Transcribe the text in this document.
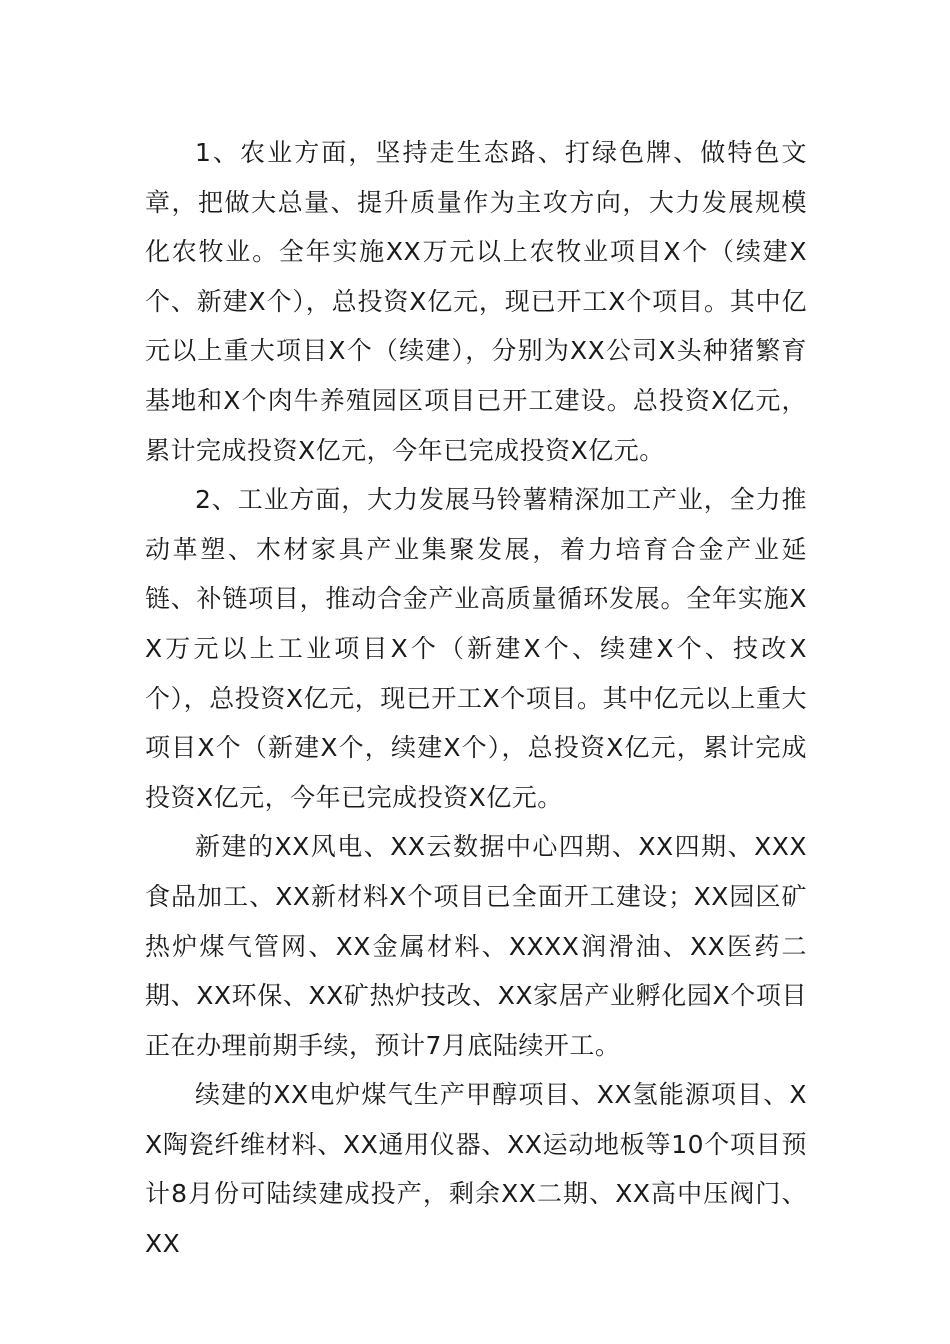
1、农业方面，坚持走生态路、打绿色牌、做特色文章，把做大总量、提升质量作为主攻方向，大力发展规模化农牧业。全年实施XX万元以上农牧业项目X个（续建X个、新建X个），总投资X亿元，现已开工X个项目。其中亿元以上重大项目X个（续建），分别为XX公司X头种猪繁育基地和X个肉牛养殖园区项目已开工建设。总投资X亿元，累计完成投资X亿元，今年已完成投资X亿元。

2、工业方面，大力发展马铃薯精深加工产业，全力推动革塑、木材家具产业集聚发展，着力培育合金产业延链、补链项目，推动合金产业高质量循环发展。全年实施XX万元以上工业项目X个（新建X个、续建X个、技改X个），总投资X亿元，现已开工X个项目。其中亿元以上重大项目X个（新建X个，续建X个），总投资X亿元，累计完成投资X亿元，今年已完成投资X亿元。

新建的XX风电、XX云数据中心四期、XX四期、XXX食品加工、XX新材料X个项目已全面开工建设；XX园区矿热炉煤气管网、XX金属材料、XXXX润滑油、XX医药二期、XX环保、XX矿热炉技改、XX家居产业孵化园X个项目正在办理前期手续，预计7月底陆续开工。

续建的XX电炉煤气生产甲醇项目、XX氢能源项目、XX陶瓷纤维材料、XX通用仪器、XX运动地板等10个项目预计8月份可陆续建成投产，剩余XX二期、XX高中压阀门、XX
